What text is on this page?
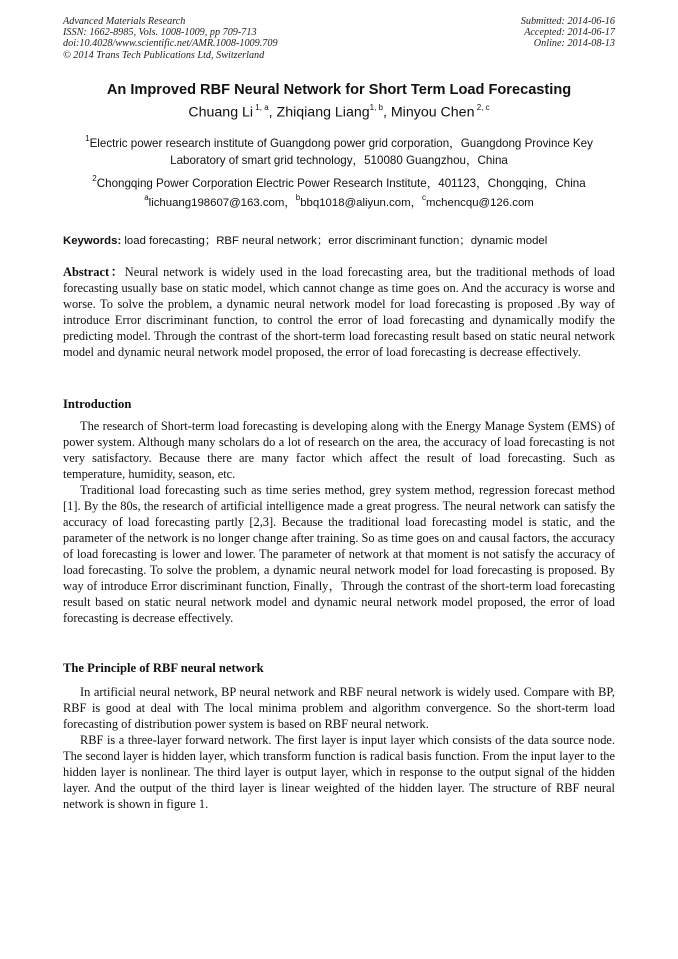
Advanced Materials Research
ISSN: 1662-8985, Vols. 1008-1009, pp 709-713
doi:10.4028/www.scientific.net/AMR.1008-1009.709
© 2014 Trans Tech Publications Ltd, Switzerland
Submitted: 2014-06-16
Accepted: 2014-06-17
Online: 2014-08-13
An Improved RBF Neural Network for Short Term Load Forecasting
Chuang Li $^{1, a}$, Zhiqiang Liang$^{1, b}$, Minyou Chen $^{2, c}$
$^1$Electric power research institute of Guangdong power grid corporation，Guangdong Province Key
Laboratory of smart grid technology，510080 Guangzhou，China
$^2$Chongqing Power Corporation Electric Power Research Institute，401123，Chongqing，China
$^a$lichuang198607@163.com，$^b$bbq1018@aliyun.com，$^c$mchencqu@126.com
Keywords: load forecasting；RBF neural network；error discriminant function；dynamic model
Abstract：Neural network is widely used in the load forecasting area, but the traditional methods of load forecasting usually base on static model, which cannot change as time goes on. And the accuracy is worse and worse. To solve the problem, a dynamic neural network model for load forecasting is proposed .By way of introduce Error discriminant function, to control the error of load forecasting and dynamically modify the predicting model. Through the contrast of the short-term load forecasting result based on static neural network model and dynamic neural network model proposed, the error of load forecasting is decrease effectively.
Introduction

The research of Short-term load forecasting is developing along with the Energy Manage System (EMS) of power system. Although many scholars do a lot of research on the area, the accuracy of load forecasting is not very satisfactory. Because there are many factor which affect the result of load forecasting. Such as temperature, humidity, season, etc.

Traditional load forecasting such as time series method, grey system method, regression forecast method [1]. By the 80s, the research of artificial intelligence made a great progress. The neural network can satisfy the accuracy of load forecasting partly [2,3]. Because the traditional load forecasting model is static, and the parameter of the network is no longer change after training. So as time goes on and causal factors, the accuracy of load forecasting is lower and lower. The parameter of network at that moment is not satisfy the accuracy of load forecasting. To solve the problem, a dynamic neural network model for load forecasting is proposed. By way of introduce Error discriminant function, Finally，Through the contrast of the short-term load forecasting result based on static neural network model and dynamic neural network model proposed, the error of load forecasting is decrease effectively.

The Principle of RBF neural network

In artificial neural network, BP neural network and RBF neural network is widely used. Compare with BP, RBF is good at deal with The local minima problem and algorithm convergence. So the short-term load forecasting of distribution power system is based on RBF neural network.

RBF is a three-layer forward network. The first layer is input layer which consists of the data source node. The second layer is hidden layer, which transform function is radical basis function. From the input layer to the hidden layer is nonlinear. The third layer is output layer, which in response to the output signal of the hidden layer. And the output of the third layer is linear weighted of the hidden layer. The structure of RBF neural network is shown in figure 1.
